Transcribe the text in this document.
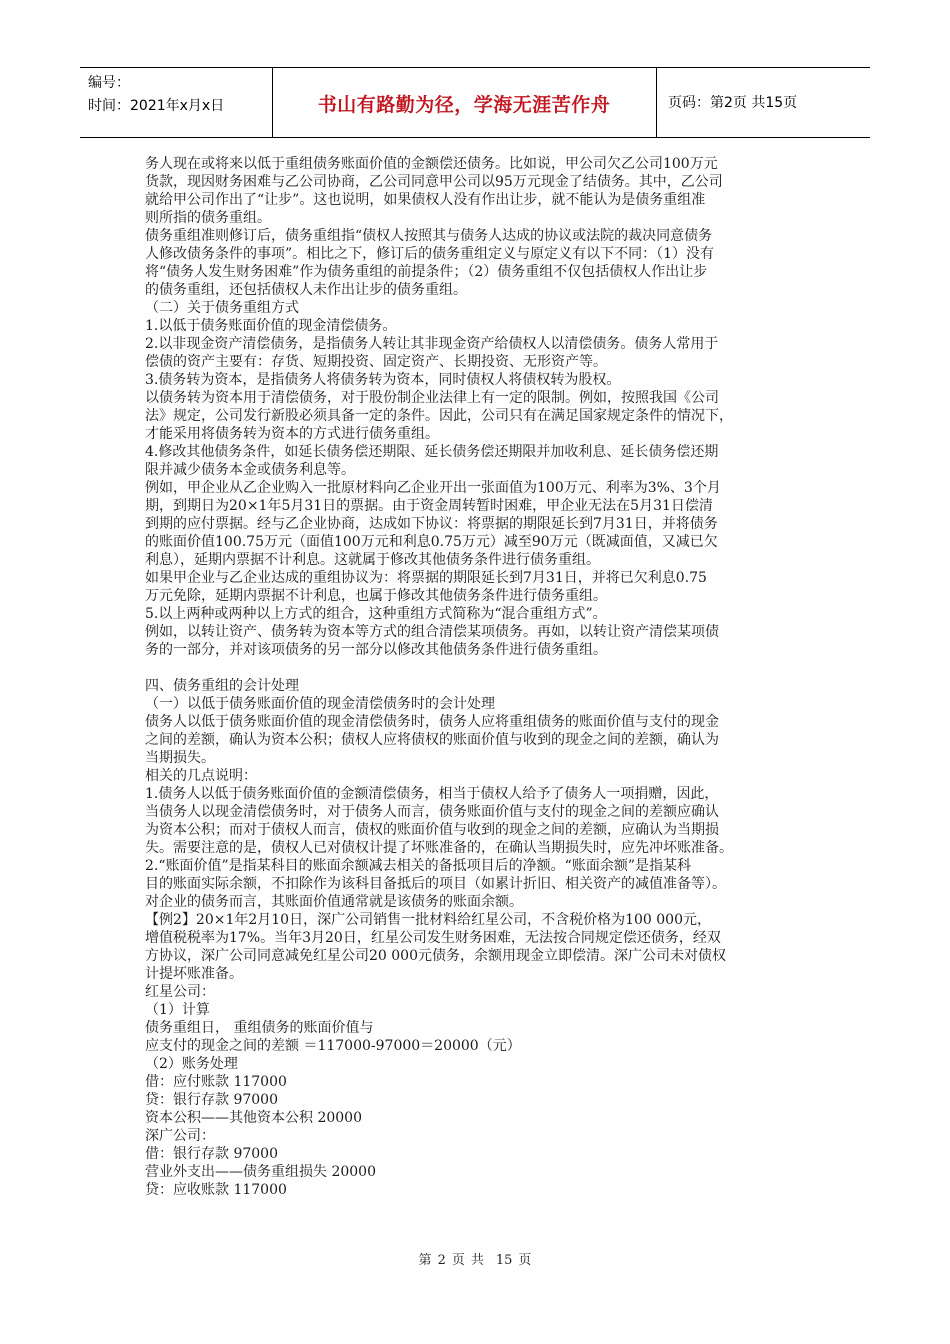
编号：
时间：2021年x月x日	书山有路勤为径，学海无涯苦作舟	页码：第2页 共15页
务人现在或将来以低于重组债务账面价值的金额偿还债务。比如说，甲公司欠乙公司100万元
货款，现因财务困难与乙公司协商，乙公司同意甲公司以95万元现金了结债务。其中，乙公司
就给甲公司作出了“让步”。这也说明，如果债权人没有作出让步，就不能认为是债务重组准
则所指的债务重组。
债务重组准则修订后，债务重组指“债权人按照其与债务人达成的协议或法院的裁决同意债务
人修改债务条件的事项”。相比之下，修订后的债务重组定义与原定义有以下不同：（1）没有
将“债务人发生财务困难”作为债务重组的前提条件；（2）债务重组不仅包括债权人作出让步
的债务重组，还包括债权人未作出让步的债务重组。
（二）关于债务重组方式
1.以低于债务账面价值的现金清偿债务。
2.以非现金资产清偿债务，是指债务人转让其非现金资产给债权人以清偿债务。债务人常用于
偿债的资产主要有：存货、短期投资、固定资产、长期投资、无形资产等。
3.债务转为资本，是指债务人将债务转为资本，同时债权人将债权转为股权。
以债务转为资本用于清偿债务，对于股份制企业法律上有一定的限制。例如，按照我国《公司
法》规定，公司发行新股必须具备一定的条件。因此，公司只有在满足国家规定条件的情况下，
才能采用将债务转为资本的方式进行债务重组。
4.修改其他债务条件，如延长债务偿还期限、延长债务偿还期限并加收利息、延长债务偿还期
限并减少债务本金或债务利息等。
例如，甲企业从乙企业购入一批原材料向乙企业开出一张面值为100万元、利率为3%、3个月
期，到期日为20×1年5月31日的票据。由于资金周转暂时困难，甲企业无法在5月31日偿清
到期的应付票据。经与乙企业协商，达成如下协议：将票据的期限延长到7月31日，并将债务
的账面价值100.75万元（面值100万元和利息0.75万元）减至90万元（既减面值，又减已欠
利息），延期内票据不计利息。这就属于修改其他债务条件进行债务重组。
如果甲企业与乙企业达成的重组协议为：将票据的期限延长到7月31日，并将已欠利息0.75
万元免除，延期内票据不计利息，也属于修改其他债务条件进行债务重组。
5.以上两种或两种以上方式的组合，这种重组方式简称为“混合重组方式”。
例如，以转让资产、债务转为资本等方式的组合清偿某项债务。再如，以转让资产清偿某项债
务的一部分，并对该项债务的另一部分以修改其他债务条件进行债务重组。
四、债务重组的会计处理
（一）以低于债务账面价值的现金清偿债务时的会计处理
债务人以低于债务账面价值的现金清偿债务时，债务人应将重组债务的账面价值与支付的现金
之间的差额，确认为资本公积；债权人应将债权的账面价值与收到的现金之间的差额，确认为
当期损失。
相关的几点说明：
1.债务人以低于债务账面价值的金额清偿债务，相当于债权人给予了债务人一项捐赠，因此，
当债务人以现金清偿债务时，对于债务人而言，债务账面价值与支付的现金之间的差额应确认
为资本公积；而对于债权人而言，债权的账面价值与收到的现金之间的差额，应确认为当期损
失。需要注意的是，债权人已对债权计提了坏账准备的，在确认当期损失时，应先冲坏账准备。
2.“账面价值”是指某科目的账面余额减去相关的备抵项目后的净额。“账面余额”是指某科
目的账面实际余额，不扣除作为该科目备抵后的项目（如累计折旧、相关资产的减值准备等）。
对企业的债务而言，其账面价值通常就是该债务的账面余额。
【例2】20×1年2月10日，深广公司销售一批材料给红星公司，不含税价格为100 000元，
增值税税率为17%。当年3月20日，红星公司发生财务困难，无法按合同规定偿还债务，经双
方协议，深广公司同意减免红星公司20 000元债务，余额用现金立即偿清。深广公司未对债权
计提坏账准备。
红星公司：
（1）计算
债务重组日， 重组债务的账面价值与
应支付的现金之间的差额 ＝117000-97000＝20000（元）
（2）账务处理
借：应付账款 117000
贷：银行存款 97000
资本公积——其他资本公积 20000
深广公司：
借：银行存款 97000
营业外支出——债务重组损失 20000
贷：应收账款 117000
第 2 页 共 15 页
